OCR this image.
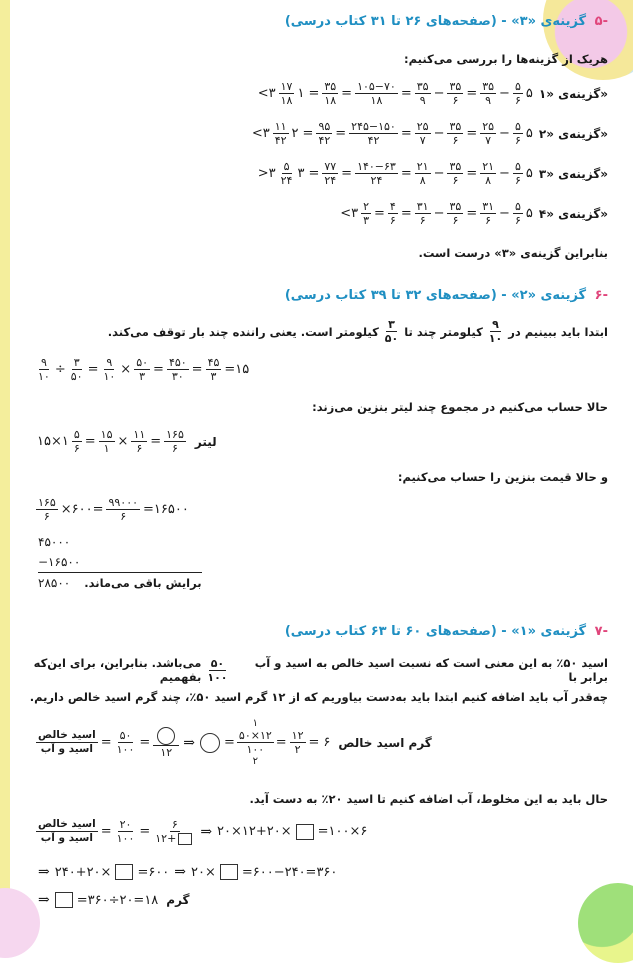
-۵ گزینه‌ی «۳» - (صفحه‌های ۲۶ تا ۳۱ کتاب درسی)
هریک از گزینه‌ها را بررسی می‌کنیم:
<۳ $\frac{۱۷}{۱۸}$ ۱ = $\frac{۳۵}{۱۸} = \frac{۱۰۵-۷۰}{۱۸} = \frac{۳۵}{۹} - \frac{۳۵}{۶} = \frac{۳۵}{۹} - \frac{۵}{۶}$ ۵ «گزینه‌ی «۱
<۳ $\frac{۱۱}{۴۲}$ ۲ = $\frac{۹۵}{۴۲} = \frac{۲۴۵-۱۵۰}{۴۲} = \frac{۲۵}{۷} - \frac{۳۵}{۶} = \frac{۲۵}{۷} - \frac{۵}{۶}$ ۵ «گزینه‌ی «۲
>۳ $\frac{۵}{۲۴}$ ۳ = $\frac{۷۷}{۲۴} = \frac{۱۴۰-۶۳}{۲۴} = \frac{۲۱}{۸} - \frac{۳۵}{۶} = \frac{۲۱}{۸} - \frac{۵}{۶}$ ۵ «گزینه‌ی «۳
<۳ $\frac{۲}{۳} = \frac{۴}{۶} = \frac{۳۱}{۶} - \frac{۳۵}{۶} = \frac{۳۱}{۶} - \frac{۵}{۶}$ ۵ «گزینه‌ی «۴
بنابراین گزینه‌ی «۳» درست است.
-۶ گزینه‌ی «۲» - (صفحه‌های ۳۲ تا ۳۹ کتاب درسی)
ابتدا باید ببینیم در
$\frac{۹}{۱۰}$
کیلومتر چند تا
$\frac{۳}{۵۰}$
کیلومتر است. یعنی راننده چند بار توقف می‌کند.
$\frac{۹}{۱۰} \div \frac{۳}{۵۰} = \frac{۹}{۱۰} \times \frac{۵۰}{۳} = \frac{۴۵۰}{۳۰} = \frac{۴۵}{۳}$ =۱۵
حالا حساب می‌کنیم در مجموع چند لیتر بنزین می‌زند:
۱۵×۱ $\frac{۵}{۶} = \frac{۱۵}{۱} \times \frac{۱۱}{۶} = \frac{۱۶۵}{۶}$ لیتر
و حالا قیمت بنزین را حساب می‌کنیم:
$\frac{۱۶۵}{۶}$ ×۶۰۰= $\frac{۹۹۰۰۰}{۶}$ =۱۶۵۰۰
۴۵۰۰۰
−۱۶۵۰۰
۲۸۵۰۰ برایش باقی می‌ماند.
-۷ گزینه‌ی «۱» - (صفحه‌های ۶۰ تا ۶۳ کتاب درسی)
اسید ۵۰٪ به این معنی است که نسبت اسید خالص به اسید و آب برابر با
$\frac{۵۰}{۱۰۰}$
می‌باشد. بنابراین، برای این‌که بفهمیم
چه‌قدر آب باید اضافه کنیم ابتدا باید به‌دست بیاوریم که از ۱۲ گرم اسید ۵۰٪، چند گرم اسید خالص داریم.
$\frac{\text{اسید خالص}}{\text{اسید و آب}} = \frac{۵۰}{۱۰۰}$ =
۱۲
⇒ =
۱
$\frac{۵۰\times ۱۲}{۱۰۰}$
۲
= $\frac{۱۲}{۲}$ = ۶ گرم اسید خالص
حال باید به این مخلوط، آب اضافه کنیم تا اسید ۲۰٪ به دست آید.
$\frac{\text{اسید خالص}}{\text{اسید و آب}} = \frac{۲۰}{۱۰۰} = \frac{۶}{۱۲+}$ ⇒ ۲۰×۱۲+۲۰× =۱۰۰×۶
⇒ ۲۴۰+۲۰× =۶۰۰ ⇒ ۲۰× =۶۰۰−۲۴۰=۳۶۰
⇒ =۳۶۰÷۲۰=۱۸ گرم
